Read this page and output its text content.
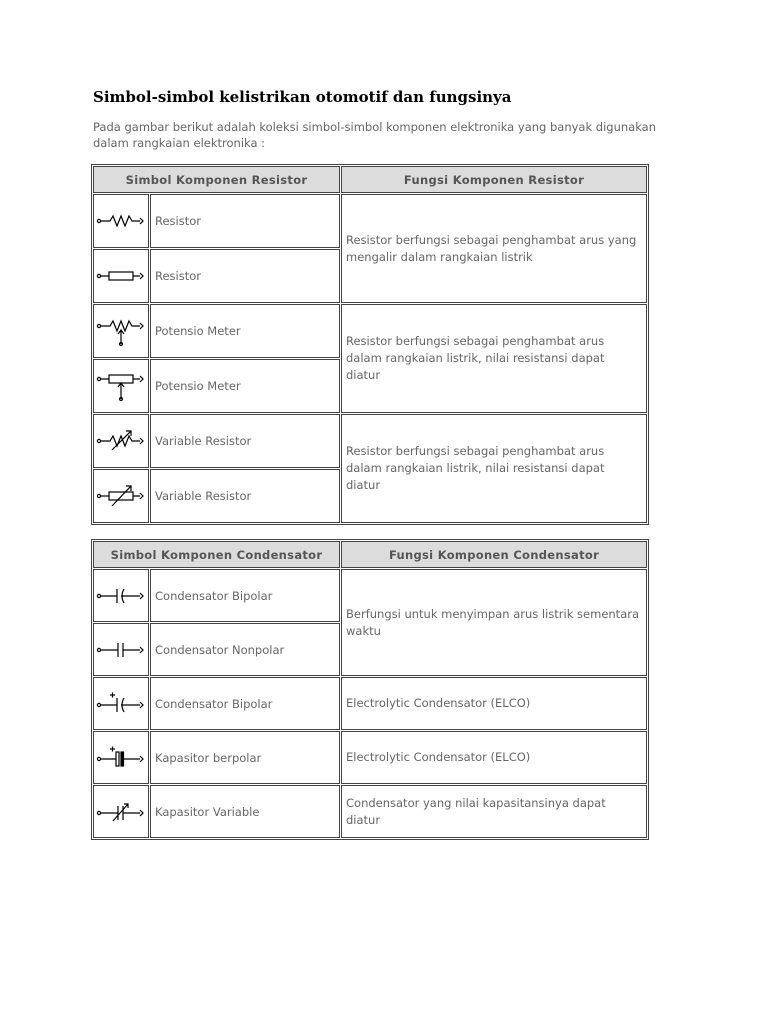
Simbol-simbol kelistrikan otomotif dan fungsinya
Pada gambar berikut adalah koleksi simbol-simbol komponen elektronika yang banyak digunakan dalam rangkaian elektronika :
Simbol Komponen Resistor		Fungsi Komponen Resistor

	Resistor	Resistor berfungsi sebagai penghambat arus yang mengalir dalam rangkaian listrik

	Resistor	

	Potensio Meter	Resistor berfungsi sebagai penghambat arus dalam rangkaian listrik, nilai resistansi dapat diatur

	Potensio Meter	

	Variable Resistor	Resistor berfungsi sebagai penghambat arus dalam rangkaian listrik, nilai resistansi dapat diatur

	Variable Resistor	
Simbol Komponen Condensator		Fungsi Komponen Condensator

	Condensator Bipolar	Berfungsi untuk menyimpan arus listrik sementara waktu

	Condensator Nonpolar	

	Condensator Bipolar	Electrolytic Condensator (ELCO)

	Kapasitor berpolar	Electrolytic Condensator (ELCO)

	Kapasitor Variable	Condensator yang nilai kapasitansinya dapat diatur
